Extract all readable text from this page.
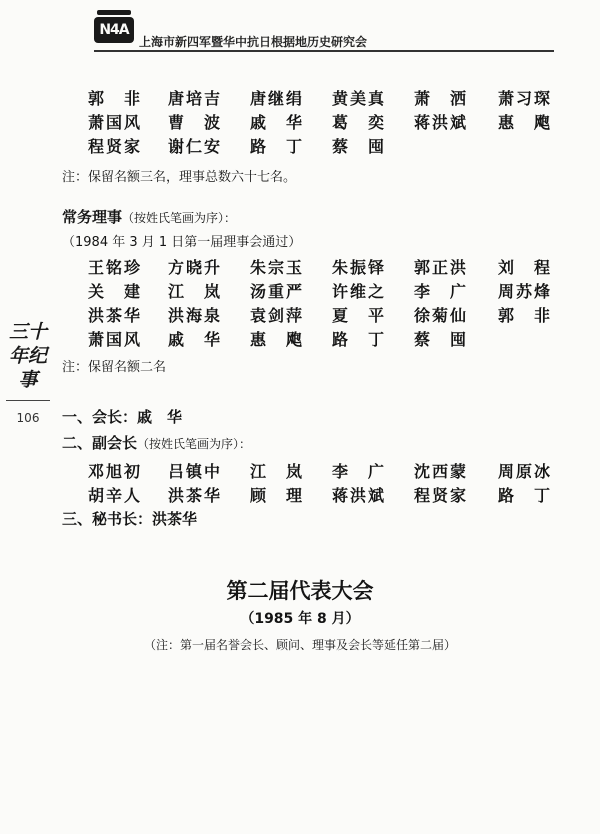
N4A
上海市新四军暨华中抗日根据地历史研究会
三十年纪事
106
郭　非 唐培吉 唐继绢 黄美真 萧　洒 萧习琛
萧国风 曹　波 戚　华 葛　奕 蒋洪斌 惠　飑
程贤家 谢仁安 路　丁 蔡　囤
注：保留名额三名，理事总数六十七名。
常务理事（按姓氏笔画为序）：
（1984 年 3 月 1 日第一届理事会通过）
王铭珍 方晓升 朱宗玉 朱振铎 郭正洪 刘　程
关　建 江　岚 汤重严 许维之 李　广 周苏烽
洪茶华 洪海泉 袁剑萍 夏　平 徐菊仙 郭　非
萧国风 戚　华 惠　飑 路　丁 蔡　囤
注：保留名额二名
一、会长：戚　华
二、副会长（按姓氏笔画为序）：
邓旭初 吕镇中 江　岚 李　广 沈西蒙 周原冰
胡辛人 洪茶华 顾　理 蒋洪斌 程贤家 路　丁
三、秘书长：洪茶华
第二届代表大会
（1985 年 8 月）
（注：第一届名誉会长、顾问、理事及会长等延任第二届）
